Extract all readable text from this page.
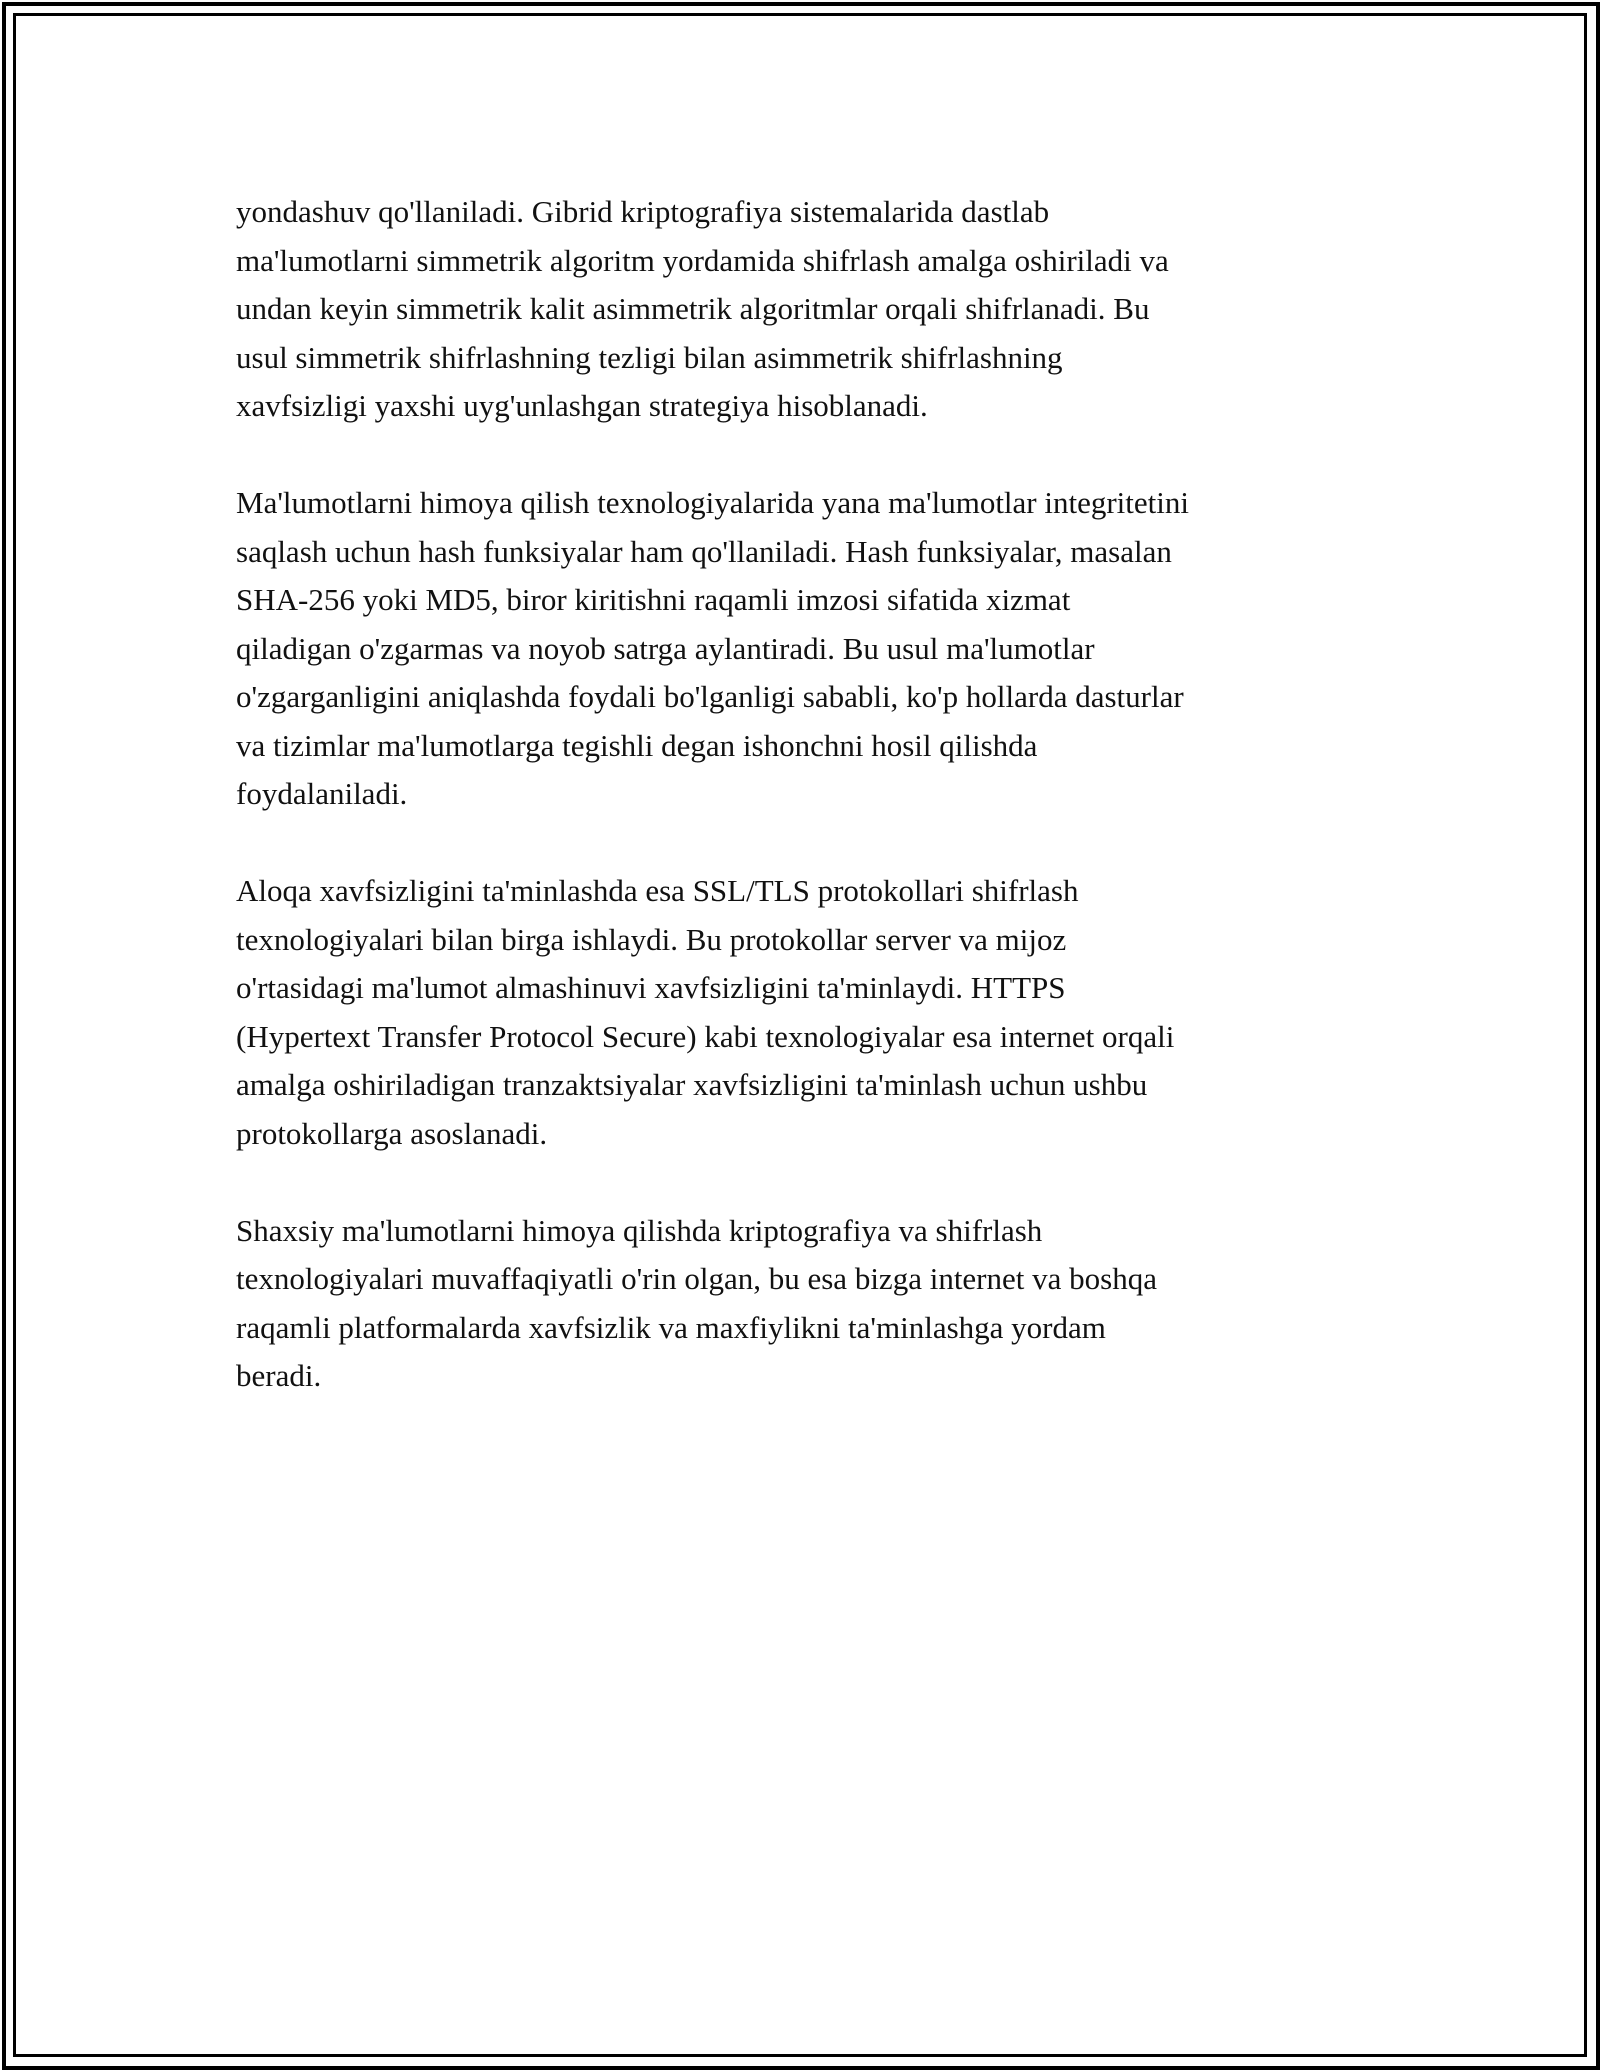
yondashuv qo'llaniladi. Gibrid kriptografiya sistemalarida dastlab
ma'lumotlarni simmetrik algoritm yordamida shifrlash amalga oshiriladi va
undan keyin simmetrik kalit asimmetrik algoritmlar orqali shifrlanadi. Bu
usul simmetrik shifrlashning tezligi bilan asimmetrik shifrlashning
xavfsizligi yaxshi uyg'unlashgan strategiya hisoblanadi.

Ma'lumotlarni himoya qilish texnologiyalarida yana ma'lumotlar integritetini
saqlash uchun hash funksiyalar ham qo'llaniladi. Hash funksiyalar, masalan
SHA-256 yoki MD5, biror kiritishni raqamli imzosi sifatida xizmat
qiladigan o'zgarmas va noyob satrga aylantiradi. Bu usul ma'lumotlar
o'zgarganligini aniqlashda foydali bo'lganligi sababli, ko'p hollarda dasturlar
va tizimlar ma'lumotlarga tegishli degan ishonchni hosil qilishda
foydalaniladi.

Aloqa xavfsizligini ta'minlashda esa SSL/TLS protokollari shifrlash
texnologiyalari bilan birga ishlaydi. Bu protokollar server va mijoz
o'rtasidagi ma'lumot almashinuvi xavfsizligini ta'minlaydi. HTTPS
(Hypertext Transfer Protocol Secure) kabi texnologiyalar esa internet orqali
amalga oshiriladigan tranzaktsiyalar xavfsizligini ta'minlash uchun ushbu
protokollarga asoslanadi.

Shaxsiy ma'lumotlarni himoya qilishda kriptografiya va shifrlash
texnologiyalari muvaffaqiyatli o'rin olgan, bu esa bizga internet va boshqa
raqamli platformalarda xavfsizlik va maxfiylikni ta'minlashga yordam
beradi.
